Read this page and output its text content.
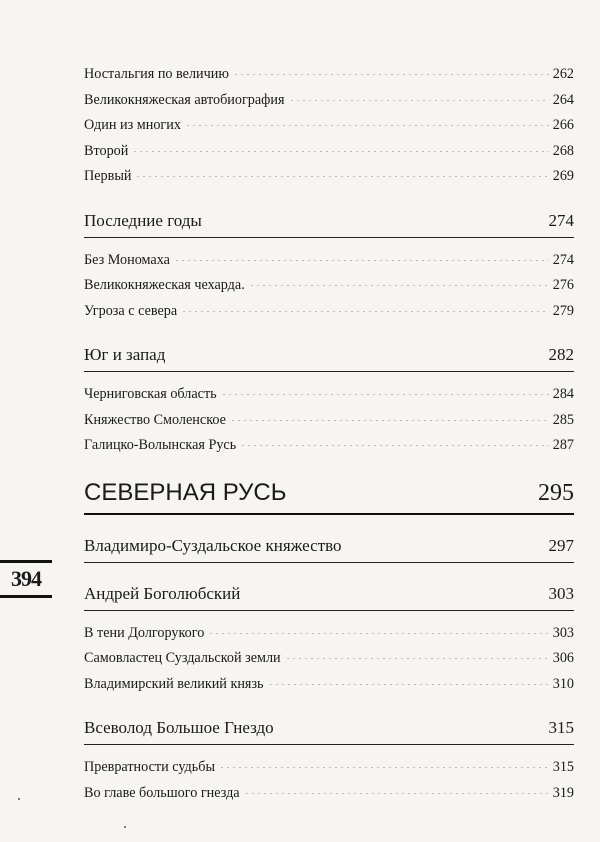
Ностальгия по величию	262
Великокняжеская автобиография	264
Один из многих	266
Второй	268
Первый	269
Последние годы	274
Без Мономаха	274
Великокняжеская чехарда.	276
Угроза с севера	279
Юг и запад	282
Черниговская область	284
Княжество Смоленское	285
Галицко-Волынская Русь	287
СЕВЕРНАЯ РУСЬ	295
Владимиро-Суздальское княжество	297
Андрей Боголюбский	303
В тени Долгорукого	303
Самовластец Суздальской земли	306
Владимирский великий князь	310
Всеволод Большое Гнездо	315
Превратности судьбы	315
Во главе большого гнезда	319
394
